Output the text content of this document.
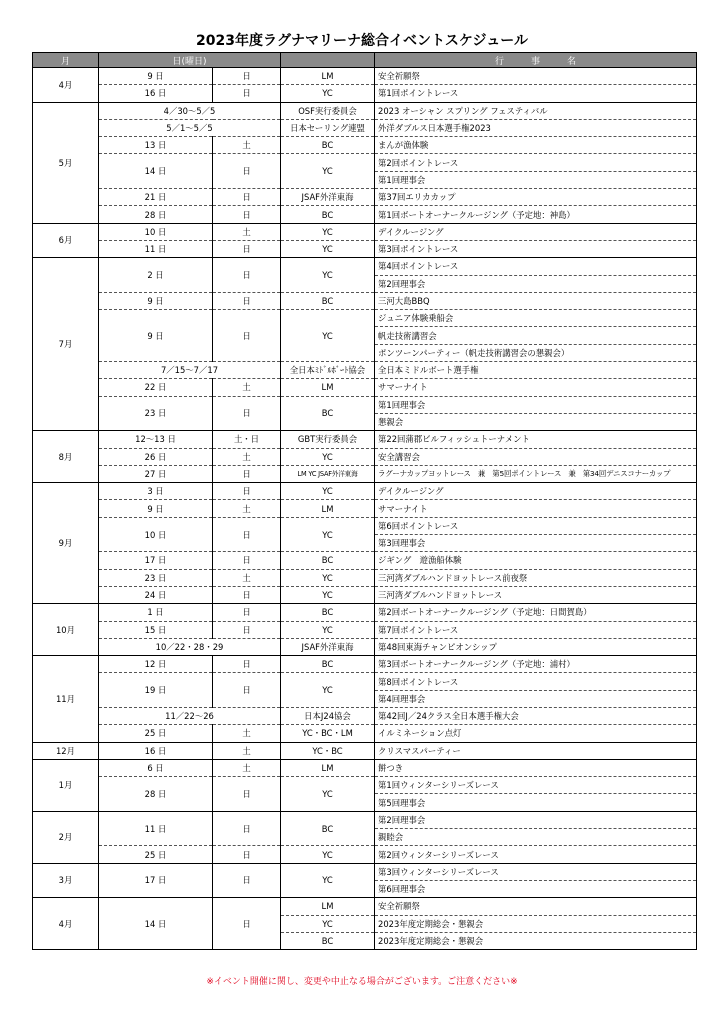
2023年度ラグナマリーナ総合イベントスケジュール
月	日(曜日)			行　　　事　　　名
4月	9 日	日	LM	安全祈願祭
	16 日	日	YC	第1回ポイントレース
5月	4／30～5／5		OSF実行委員会	2023 オーシャン スプリング フェスティバル
	5／1～5／5		日本セーリング連盟	外洋ダブルス日本選手権2023
	13 日	土	BC	まんが漁体験
	14 日	日	YC	第2回ポイントレース
				第1回理事会
	21 日	日	JSAF外洋東海	第37回エリカカップ
	28 日	日	BC	第1回ボートオーナークルージング（予定地：神島）
6月	10 日	土	YC	デイクルージング
	11 日	日	YC	第3回ポイントレース
7月	2 日	日	YC	第4回ポイントレース
				第2回理事会
	9 日	日	BC	三河大島BBQ
	9 日	日	YC	ジュニア体験乗船会
				帆走技術講習会
				ポンツーンパーティー（帆走技術講習会の懇親会）
	7／15～7／17		全日本ﾐﾄﾞﾙﾎﾞｰﾄ協会	全日本ミドルボート選手権
	22 日	土	LM	サマーナイト
	23 日	日	BC	第1回理事会
				懇親会
8月	12～13 日	土・日	GBT実行委員会	第22回蒲郡ビルフィッシュトーナメント
	26 日	土	YC	安全講習会
	27 日	日	LM YC JSAF外洋東海	ラグーナカップヨットレース　兼　第5回ポイントレース　兼　第34回デニスコナーカップ
9月	3 日	日	YC	デイクルージング
	9 日	土	LM	サマーナイト
	10 日	日	YC	第6回ポイントレース
				第3回理事会
	17 日	日	BC	ジギング　遊漁船体験
	23 日	土	YC	三河湾ダブルハンドヨットレース前夜祭
	24 日	日	YC	三河湾ダブルハンドヨットレース
10月	1 日	日	BC	第2回ボートオーナークルージング（予定地：日間賀島）
	15 日	日	YC	第7回ポイントレース
	10／22・28・29		JSAF外洋東海	第48回東海チャンピオンシップ
11月	12 日	日	BC	第3回ボートオーナークルージング（予定地：浦村）
	19 日	日	YC	第8回ポイントレース
				第4回理事会
	11／22～26		日本J24協会	第42回J／24クラス全日本選手権大会
	25 日	土	YC・BC・LM	イルミネーション点灯
12月	16 日	土	YC・BC	クリスマスパーティー
1月	6 日	土	LM	餅つき
	28 日	日	YC	第1回ウィンターシリーズレース
				第5回理事会
2月	11 日	日	BC	第2回理事会
				親睦会
	25 日	日	YC	第2回ウィンターシリーズレース
3月	17 日	日	YC	第3回ウィンターシリーズレース
				第6回理事会
4月	14 日	日	LM	安全祈願祭
			YC	2023年度定期総会・懇親会
			BC	2023年度定期総会・懇親会
※イベント開催に関し、変更や中止なる場合がございます。ご注意ください※
